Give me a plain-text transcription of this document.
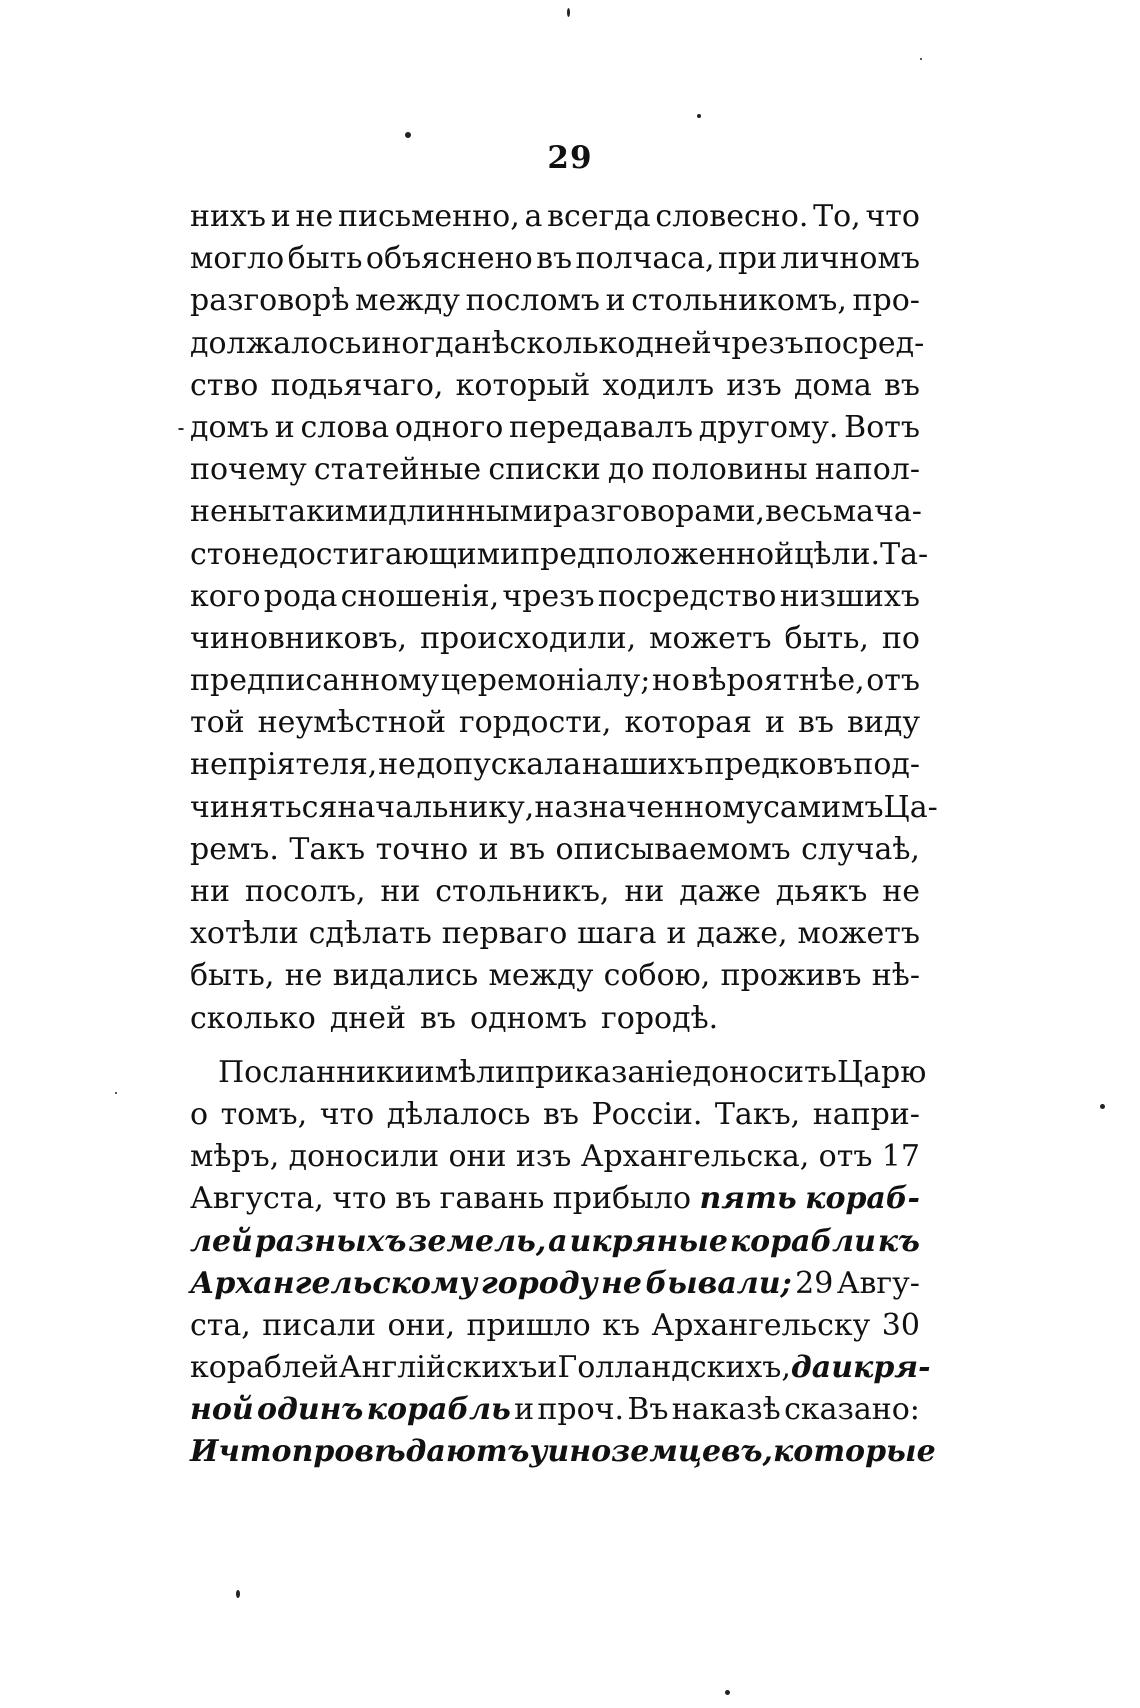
29
нихъ и не письменно, а всегда словесно. То, что
могло быть объяснено въ полчаса, при личномъ
разговорѣ между посломъ и стольникомъ, про-
должалось иногда нѣсколько дней чрезъ посред-
ство подьячаго, который ходилъ изъ дома въ
домъ и слова одного передавалъ другому. Вотъ
почему статейные списки до половины напол-
нены такими длинными разговорами, весьма ча-
сто не достигающими предположенной цѣли. Та-
кого рода сношенія, чрезъ посредство низшихъ
чиновниковъ, происходили, можетъ быть, по
предписанному церемоніалу; но вѣроятнѣе, отъ
той неумѣстной гордости, которая и въ виду
непріятеля, не допускала нашихъ предковъ под-
чиняться начальнику, назначенному самимъ Ца-
ремъ. Такъ точно и въ описываемомъ случаѣ,
ни посолъ, ни стольникъ, ни даже дьякъ не
хотѣли сдѣлать перваго шага и даже, можетъ
быть, не видались между собою, проживъ нѣ-
сколько дней въ одномъ городѣ.
Посланники имѣли приказаніе доносить Царю
о томъ, что дѣлалось въ Россіи. Такъ, напри-
мѣръ, доносили они изъ Архангельска, отъ 17
Августа, что въ гавань прибыло пять кораб-
лей разныхъ земель, а икряные корабли къ
Архангельскому городу не бывали; 29 Авгу-
ста, писали они, пришло къ Архангельску 30
кораблей Англійскихъ и Голландскихъ, да икря-
ной одинъ корабль и проч. Въ наказѣ сказано:
И что провѣдаютъ у иноземцевъ, которые
